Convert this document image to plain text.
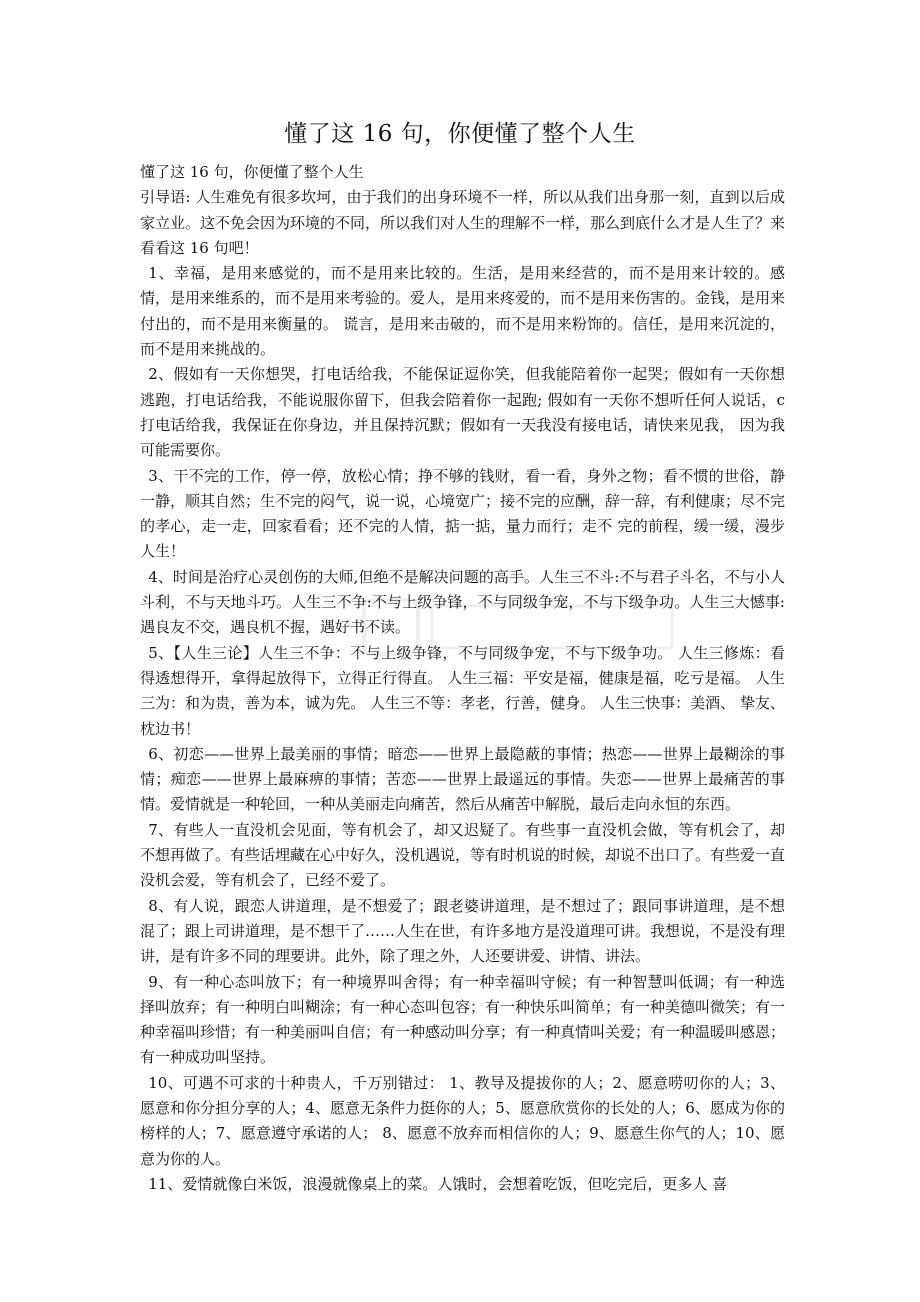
懂了这 16 句，你便懂了整个人生

懂了这 16 句，你便懂了整个人生

引导语: 人生难免有很多坎坷，由于我们的出身环境不一样，所以从我们出身那一刻，直到以后成家立业。这不免会因为环境的不同，所以我们对人生的理解不一样，那么到底什么才是人生了？来看看这 16 句吧！

1、幸福，是用来感觉的，而不是用来比较的。生活，是用来经营的，而不是用来计较的。感情，是用来维系的，而不是用来考验的。爱人，是用来疼爱的，而不是用来伤害的。金钱，是用来付出的，而不是用来衡量的。 谎言，是用来击破的，而不是用来粉饰的。信任，是用来沉淀的，而不是用来挑战的。

2、假如有一天你想哭，打电话给我，不能保证逗你笑，但我能陪着你一起哭；假如有一天你想逃跑，打电话给我，不能说服你留下，但我会陪着你一起跑; 假如有一天你不想听任何人说话，c 打电话给我，我保证在你身边，并且保持沉默；假如有一天我没有接电话，请快来见我， 因为我可能需要你。

3、干不完的工作，停一停，放松心情；挣不够的钱财，看一看，身外之物；看不惯的世俗，静一静，顺其自然；生不完的闷气，说一说，心境宽广；接不完的应酬，辞一辞，有利健康；尽不完的孝心，走一走，回家看看；还不完的人情，掂一掂，量力而行；走不 完的前程，缓一缓，漫步人生！

4、时间是治疗心灵创伤的大师,但绝不是解决问题的高手。人生三不斗:不与君子斗名，不与小人斗利，不与天地斗巧。人生三不争:不与上级争锋，不与同级争宠，不与下级争功。人生三大憾事:遇良友不交，遇良机不握，遇好书不读。

5、【人生三论】人生三不争：不与上级争锋，不与同级争宠，不与下级争功。 人生三修炼：看得透想得开，拿得起放得下，立得正行得直。 人生三福：平安是福，健康是福，吃亏是福。 人生三为：和为贵，善为本，诚为先。 人生三不等：孝老，行善，健身。 人生三快事：美酒、 挚友、 枕边书！

6、初恋——世界上最美丽的事情；暗恋——世界上最隐蔽的事情；热恋——世界上最糊涂的事情；痴恋——世界上最麻痹的事情；苦恋——世界上最遥远的事情。失恋——世界上最痛苦的事情。爱情就是一种轮回，一种从美丽走向痛苦，然后从痛苦中解脱，最后走向永恒的东西。

7、有些人一直没机会见面，等有机会了，却又迟疑了。有些事一直没机会做，等有机会了，却不想再做了。有些话埋藏在心中好久，没机遇说，等有时机说的时候，却说不出口了。有些爱一直没机会爱，等有机会了，已经不爱了。

8、有人说，跟恋人讲道理，是不想爱了；跟老婆讲道理，是不想过了；跟同事讲道理，是不想混了；跟上司讲道理，是不想干了……人生在世，有许多地方是没道理可讲。我想说，不是没有理讲，是有许多不同的理要讲。此外，除了理之外，人还要讲爱、讲情、讲法。

9、有一种心态叫放下；有一种境界叫舍得；有一种幸福叫守候；有一种智慧叫低调；有一种选择叫放弃；有一种明白叫糊涂；有一种心态叫包容；有一种快乐叫简单；有一种美德叫微笑；有一种幸福叫珍惜；有一种美丽叫自信；有一种感动叫分享；有一种真情叫关爱；有一种温暖叫感恩；有一种成功叫坚持。

10、可遇不可求的十种贵人，千万别错过： 1、教导及提拔你的人；2、愿意唠叨你的人；3、愿意和你分担分享的人；4、愿意无条件力挺你的人；5、愿意欣赏你的长处的人；6、愿成为你的榜样的人；7、愿意遵守承诺的人； 8、愿意不放弃而相信你的人；9、愿意生你气的人；10、愿意为你的人。

11、爱情就像白米饭，浪漫就像桌上的菜。人饿时，会想着吃饭，但吃完后，更多人 喜
